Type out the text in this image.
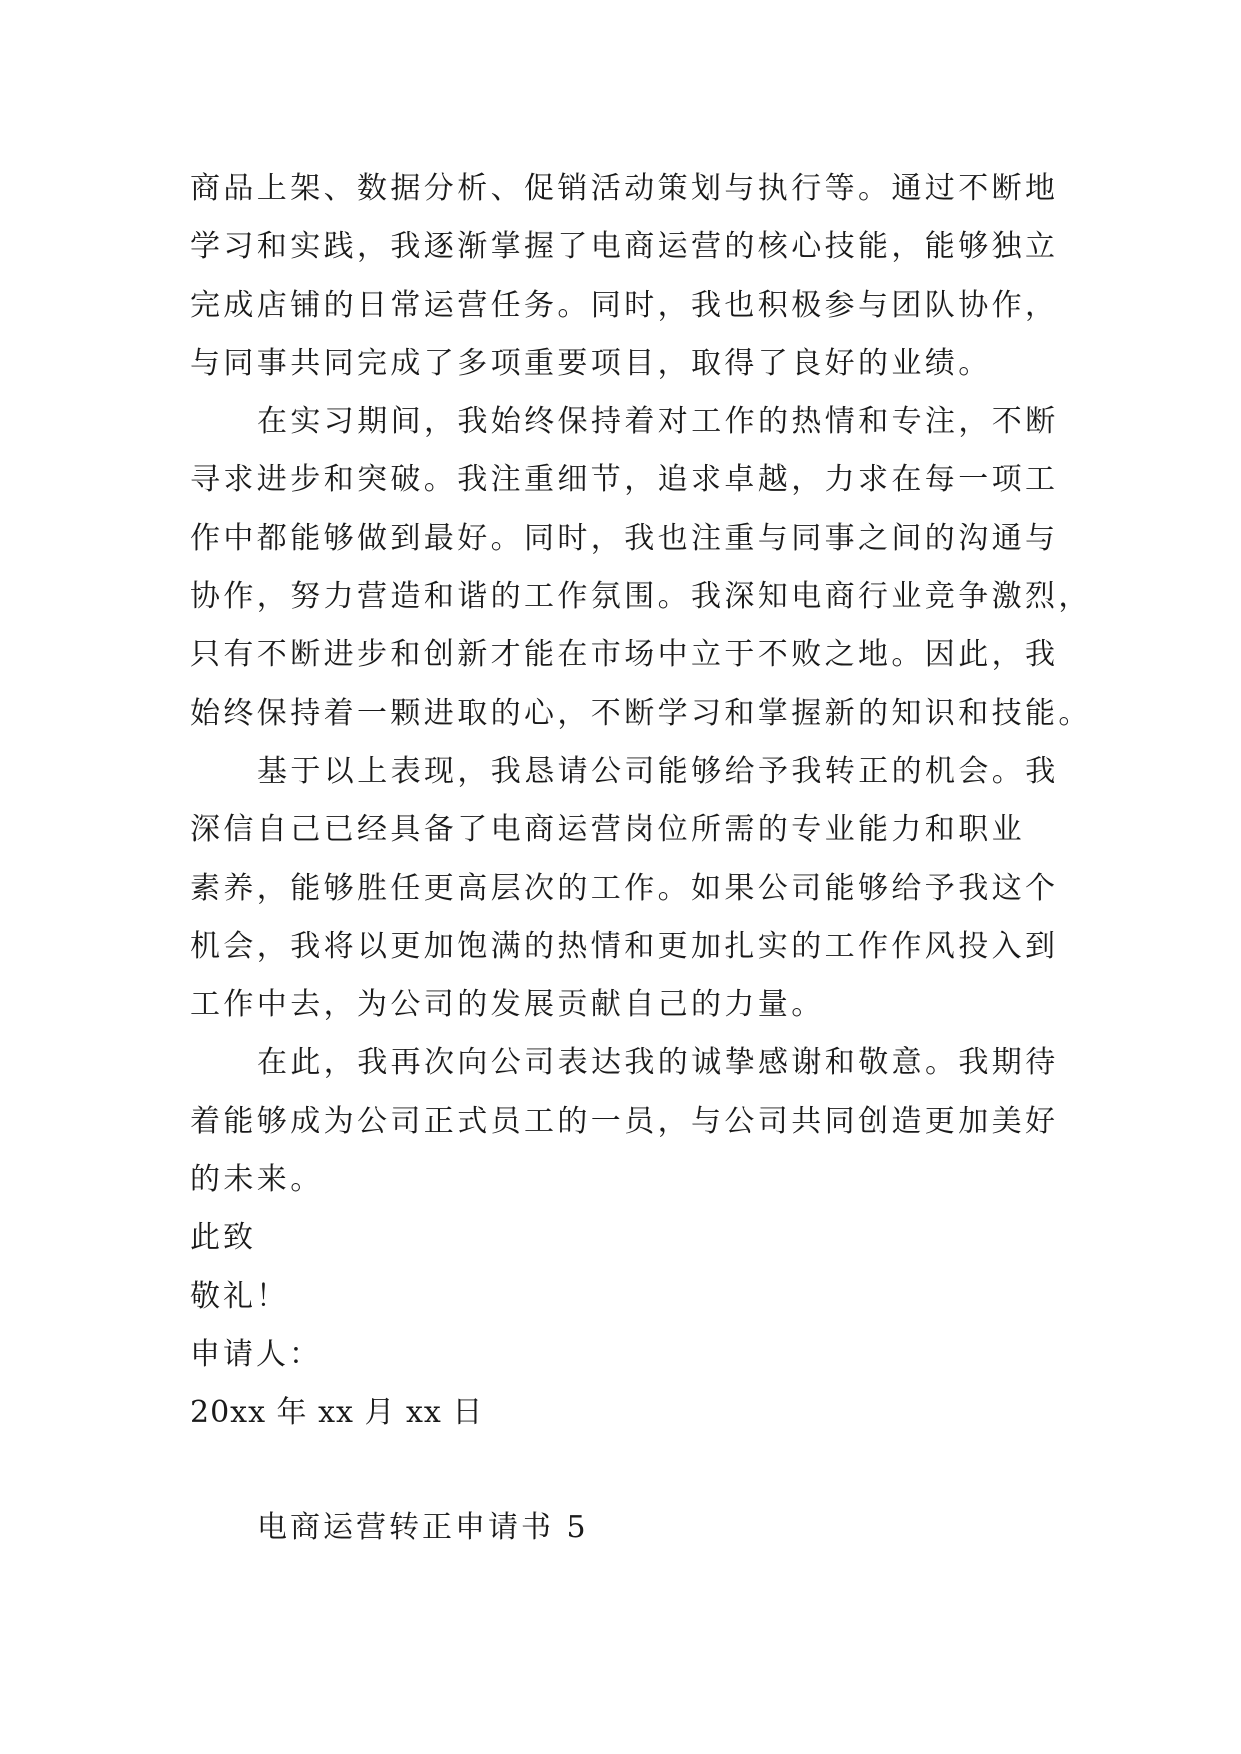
商品上架、数据分析、促销活动策划与执行等。通过不断地
学习和实践，我逐渐掌握了电商运营的核心技能，能够独立
完成店铺的日常运营任务。同时，我也积极参与团队协作，
与同事共同完成了多项重要项目，取得了良好的业绩。
在实习期间，我始终保持着对工作的热情和专注，不断
寻求进步和突破。我注重细节，追求卓越，力求在每一项工
作中都能够做到最好。同时，我也注重与同事之间的沟通与
协作，努力营造和谐的工作氛围。我深知电商行业竞争激烈，
只有不断进步和创新才能在市场中立于不败之地。因此，我
始终保持着一颗进取的心，不断学习和掌握新的知识和技能。
基于以上表现，我恳请公司能够给予我转正的机会。我
深信自己已经具备了电商运营岗位所需的专业能力和职业
素养，能够胜任更高层次的工作。如果公司能够给予我这个
机会，我将以更加饱满的热情和更加扎实的工作作风投入到
工作中去，为公司的发展贡献自己的力量。
在此，我再次向公司表达我的诚挚感谢和敬意。我期待
着能够成为公司正式员工的一员，与公司共同创造更加美好
的未来。
此致
敬礼！
申请人：
20xx 年 xx 月 xx 日
电商运营转正申请书 5
